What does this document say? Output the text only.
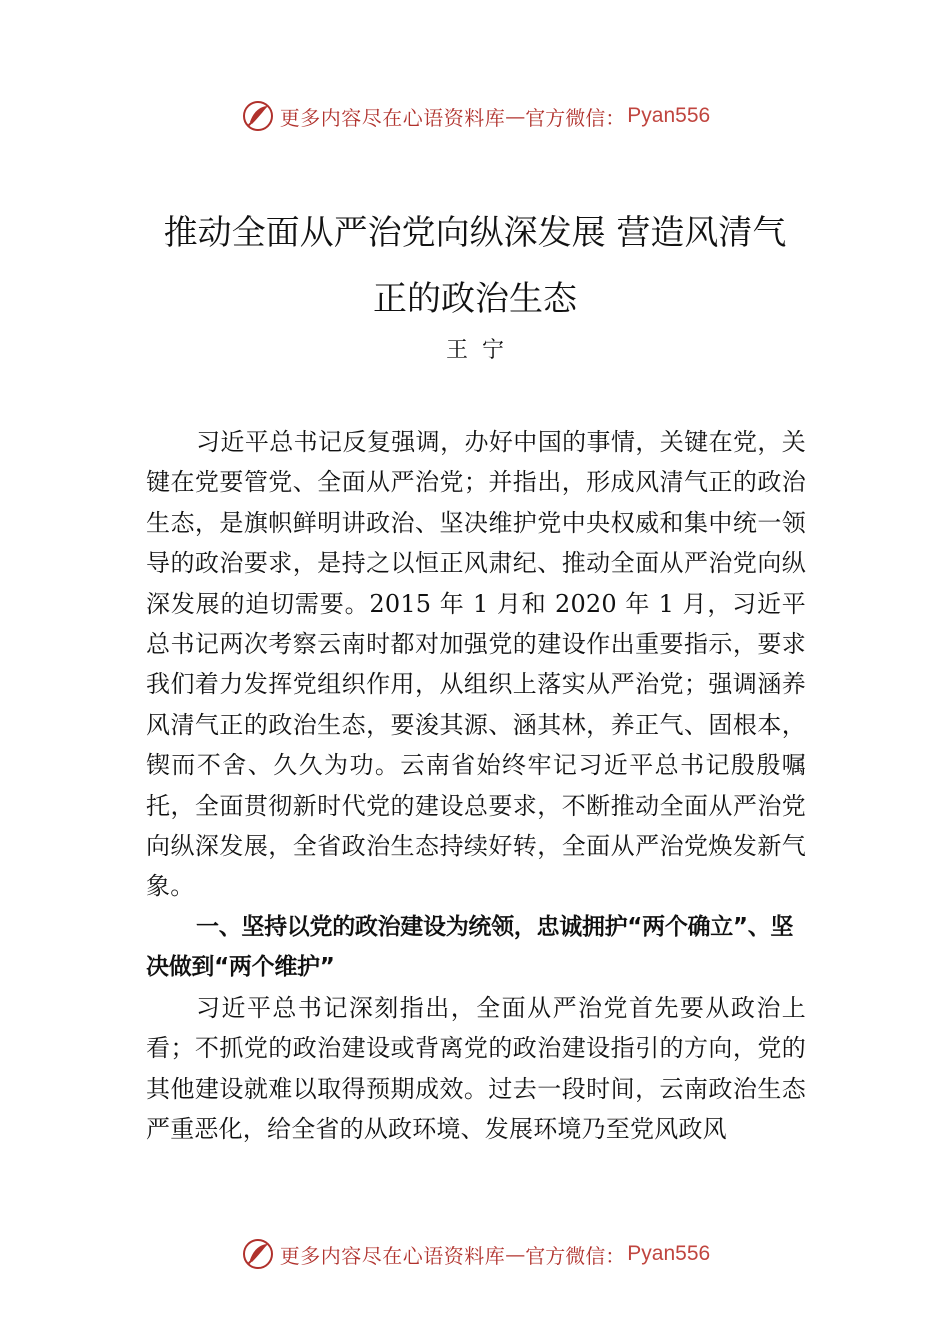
更多内容尽在心语资料库 — 官方微信： Pyan556
推动全面从严治党向纵深发展 营造风清气
正的政治生态
王宁

习近平总书记反复强调，办好中国的事情，关键在党，关键在党要管党、全面从严治党；并指出，形成风清气正的政治生态，是旗帜鲜明讲政治、坚决维护党中央权威和集中统一领导的政治要求，是持之以恒正风肃纪、推动全面从严治党向纵深发展的迫切需要。2015 年 1 月和 2020 年 1 月，习近平总书记两次考察云南时都对加强党的建设作出重要指示，要求我们着力发挥党组织作用，从组织上落实从严治党；强调涵养风清气正的政治生态，要浚其源、涵其林，养正气、固根本，锲而不舍、久久为功。云南省始终牢记习近平总书记殷殷嘱托，全面贯彻新时代党的建设总要求，不断推动全面从严治党向纵深发展，全省政治生态持续好转，全面从严治党焕发新气象。

一、坚持以党的政治建设为统领，忠诚拥护“两个确立”、坚决做到“两个维护”

习近平总书记深刻指出，全面从严治党首先要从政治上看；不抓党的政治建设或背离党的政治建设指引的方向，党的其他建设就难以取得预期成效。过去一段时间，云南政治生态严重恶化，给全省的从政环境、发展环境乃至党风政风

更多内容尽在心语资料库 — 官方微信： Pyan556
